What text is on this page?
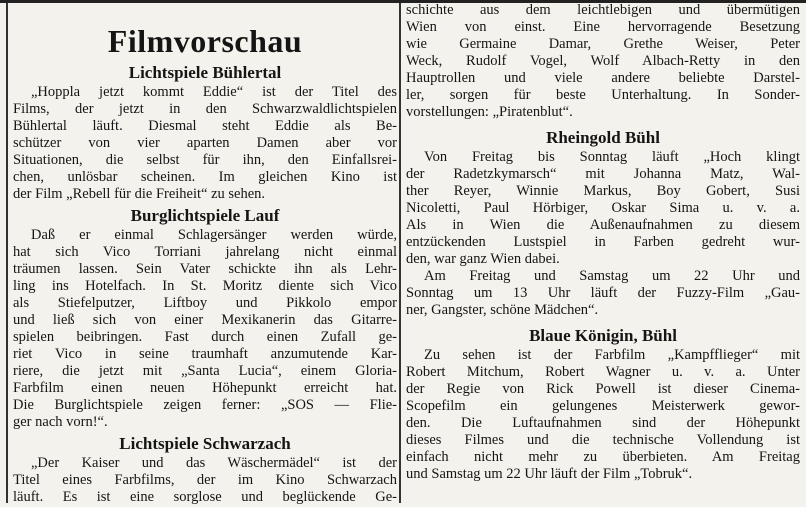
Filmvorschau
Lichtspiele Bühlertal
„Hoppla jetzt kommt Eddie“ ist der Titel des
Films, der jetzt in den Schwarzwaldlichtspielen
Bühlertal läuft. Diesmal steht Eddie als Be-
schützer von vier aparten Damen aber vor
Situationen, die selbst für ihn, den Einfallsrei-
chen, unlösbar scheinen. Im gleichen Kino ist
der Film „Rebell für die Freiheit“ zu sehen.
Burglichtspiele Lauf
Daß er einmal Schlagersänger werden würde,
hat sich Vico Torriani jahrelang nicht einmal
träumen lassen. Sein Vater schickte ihn als Lehr-
ling ins Hotelfach. In St. Moritz diente sich Vico
als Stiefelputzer, Liftboy und Pikkolo empor
und ließ sich von einer Mexikanerin das Gitarre-
spielen beibringen. Fast durch einen Zufall ge-
riet Vico in seine traumhaft anzumutende Kar-
riere, die jetzt mit „Santa Lucia“, einem Gloria-
Farbfilm einen neuen Höhepunkt erreicht hat.
Die Burglichtspiele zeigen ferner: „SOS — Flie-
ger nach vorn!“.
Lichtspiele Schwarzach
„Der Kaiser und das Wäschermädel“ ist der
Titel eines Farbfilms, der im Kino Schwarzach
läuft. Es ist eine sorglose und beglückende Ge-
schichte aus dem leichtlebigen und übermütigen
Wien von einst. Eine hervorragende Besetzung
wie Germaine Damar, Grethe Weiser, Peter
Weck, Rudolf Vogel, Wolf Albach-Retty in den
Hauptrollen und viele andere beliebte Darstel-
ler, sorgen für beste Unterhaltung. In Sonder-
vorstellungen: „Piratenblut“.
Rheingold Bühl
Von Freitag bis Sonntag läuft „Hoch klingt
der Radetzkymarsch“ mit Johanna Matz, Wal-
ther Reyer, Winnie Markus, Boy Gobert, Susi
Nicoletti, Paul Hörbiger, Oskar Sima u. v. a.
Als in Wien die Außenaufnahmen zu diesem
entzückenden Lustspiel in Farben gedreht wur-
den, war ganz Wien dabei.
Am Freitag und Samstag um 22 Uhr und
Sonntag um 13 Uhr läuft der Fuzzy-Film „Gau-
ner, Gangster, schöne Mädchen“.
Blaue Königin, Bühl
Zu sehen ist der Farbfilm „Kampfflieger“ mit
Robert Mitchum, Robert Wagner u. v. a. Unter
der Regie von Rick Powell ist dieser Cinema-
Scopefilm ein gelungenes Meisterwerk gewor-
den. Die Luftaufnahmen sind der Höhepunkt
dieses Filmes und die technische Vollendung ist
einfach nicht mehr zu überbieten. Am Freitag
und Samstag um 22 Uhr läuft der Film „Tobruk“.
